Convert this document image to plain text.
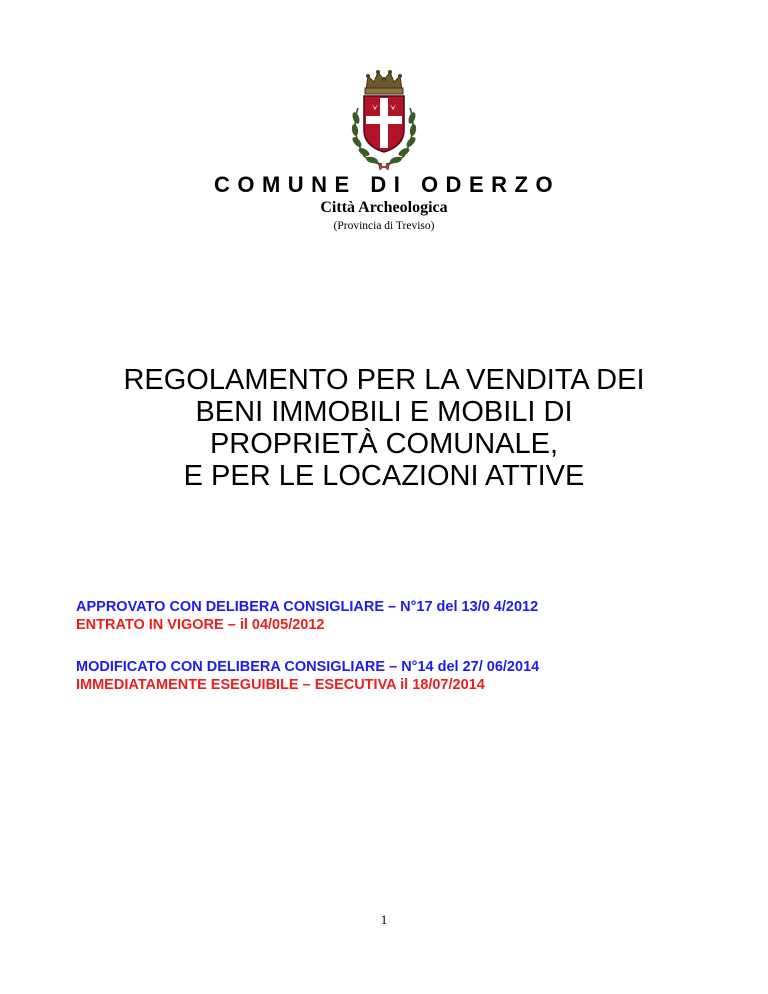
COMUNE DI ODERZO
Città Archeologica
(Provincia di Treviso)
REGOLAMENTO PER LA VENDITA DEI
BENI IMMOBILI E MOBILI DI
PROPRIETÀ COMUNALE,
E PER LE LOCAZIONI ATTIVE
APPROVATO CON DELIBERA CONSIGLIARE – N°17 del 13/0 4/2012
ENTRATO IN VIGORE – il 04/05/2012
MODIFICATO CON DELIBERA CONSIGLIARE – N°14 del 27/ 06/2014
IMMEDIATAMENTE ESEGUIBILE – ESECUTIVA il 18/07/2014
1
